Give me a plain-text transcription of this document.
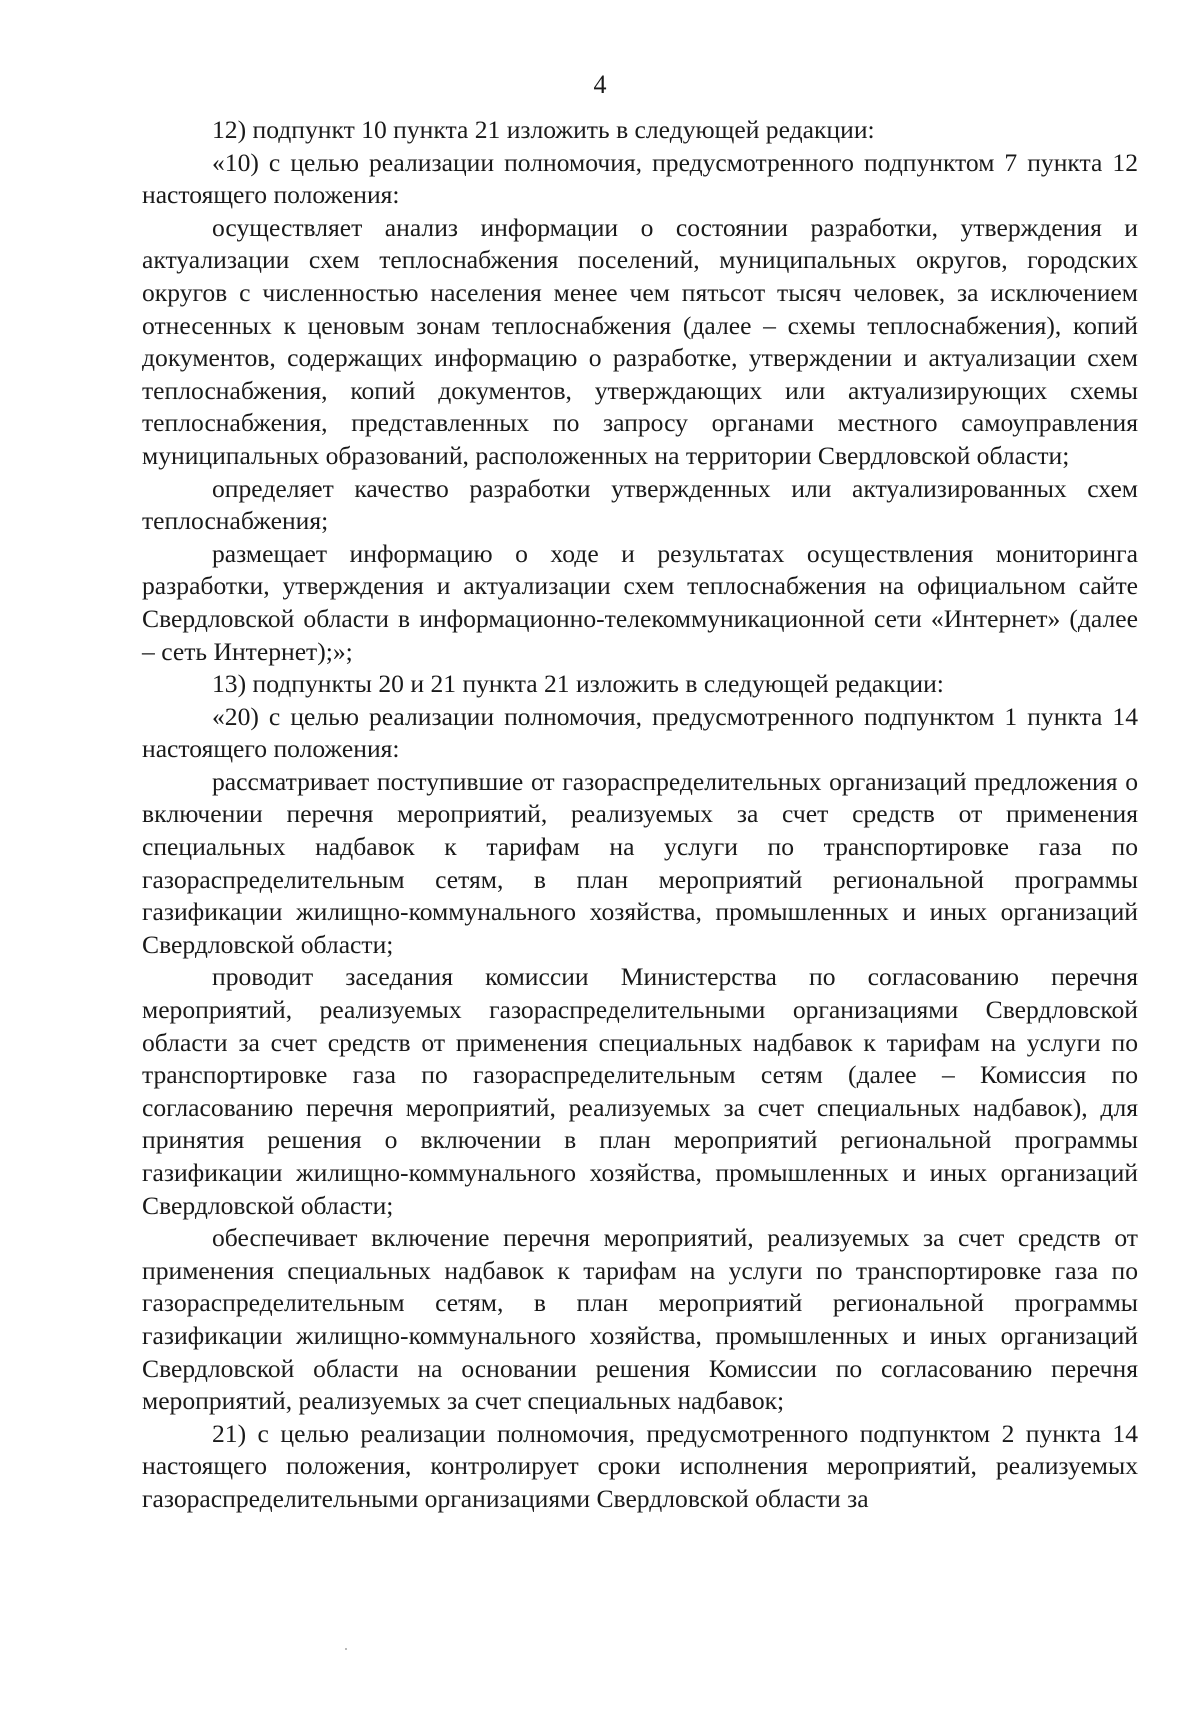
4

12) подпункт 10 пункта 21 изложить в следующей редакции:

«10) с целью реализации полномочия, предусмотренного подпунктом 7 пункта 12 настоящего положения:

осуществляет анализ информации о состоянии разработки, утверждения и актуализации схем теплоснабжения поселений, муниципальных округов, городских округов с численностью населения менее чем пятьсот тысяч человек, за исключением отнесенных к ценовым зонам теплоснабжения (далее – схемы теплоснабжения), копий документов, содержащих информацию о разработке, утверждении и актуализации схем теплоснабжения, копий документов, утверждающих или актуализирующих схемы теплоснабжения, представленных по запросу органами местного самоуправления муниципальных образований, расположенных на территории Свердловской области;

определяет качество разработки утвержденных или актуализированных схем теплоснабжения;

размещает информацию о ходе и результатах осуществления мониторинга разработки, утверждения и актуализации схем теплоснабжения на официальном сайте Свердловской области в информационно-телекоммуникационной сети «Интернет» (далее – сеть Интернет);»;

13) подпункты 20 и 21 пункта 21 изложить в следующей редакции:

«20) с целью реализации полномочия, предусмотренного подпунктом 1 пункта 14 настоящего положения:

рассматривает поступившие от газораспределительных организаций предложения о включении перечня мероприятий, реализуемых за счет средств от применения специальных надбавок к тарифам на услуги по транспортировке газа по газораспределительным сетям, в план мероприятий региональной программы газификации жилищно-коммунального хозяйства, промышленных и иных организаций Свердловской области;

проводит заседания комиссии Министерства по согласованию перечня мероприятий, реализуемых газораспределительными организациями Свердловской области за счет средств от применения специальных надбавок к тарифам на услуги по транспортировке газа по газораспределительным сетям (далее – Комиссия по согласованию перечня мероприятий, реализуемых за счет специальных надбавок), для принятия решения о включении в план мероприятий региональной программы газификации жилищно-коммунального хозяйства, промышленных и иных организаций Свердловской области;

обеспечивает включение перечня мероприятий, реализуемых за счет средств от применения специальных надбавок к тарифам на услуги по транспортировке газа по газораспределительным сетям, в план мероприятий региональной программы газификации жилищно-коммунального хозяйства, промышленных и иных организаций Свердловской области на основании решения Комиссии по согласованию перечня мероприятий, реализуемых за счет специальных надбавок;

21) с целью реализации полномочия, предусмотренного подпунктом 2 пункта 14 настоящего положения, контролирует сроки исполнения мероприятий, реализуемых газораспределительными организациями Свердловской области за
